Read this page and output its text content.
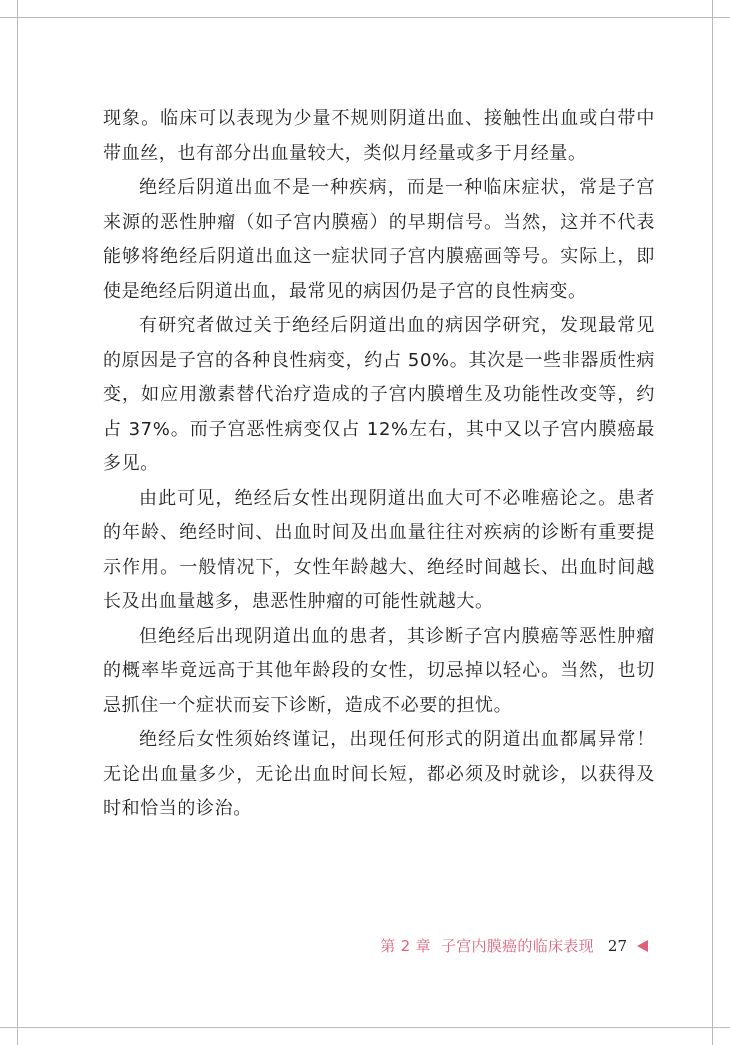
现象。临床可以表现为少量不规则阴道出血、接触性出血或白带中带血丝，也有部分出血量较大，类似月经量或多于月经量。

绝经后阴道出血不是一种疾病，而是一种临床症状，常是子宫来源的恶性肿瘤（如子宫内膜癌）的早期信号。当然，这并不代表能够将绝经后阴道出血这一症状同子宫内膜癌画等号。实际上，即使是绝经后阴道出血，最常见的病因仍是子宫的良性病变。

有研究者做过关于绝经后阴道出血的病因学研究，发现最常见的原因是子宫的各种良性病变，约占 50%。其次是一些非器质性病变，如应用激素替代治疗造成的子宫内膜增生及功能性改变等，约占 37%。而子宫恶性病变仅占 12%左右，其中又以子宫内膜癌最多见。

由此可见，绝经后女性出现阴道出血大可不必唯癌论之。患者的年龄、绝经时间、出血时间及出血量往往对疾病的诊断有重要提示作用。一般情况下，女性年龄越大、绝经时间越长、出血时间越长及出血量越多，患恶性肿瘤的可能性就越大。

但绝经后出现阴道出血的患者，其诊断子宫内膜癌等恶性肿瘤的概率毕竟远高于其他年龄段的女性，切忌掉以轻心。当然，也切忌抓住一个症状而妄下诊断，造成不必要的担忧。

绝经后女性须始终谨记，出现任何形式的阴道出血都属异常！无论出血量多少，无论出血时间长短，都必须及时就诊，以获得及时和恰当的诊治。

第 2 章 子宫内膜癌的临床表现 27
